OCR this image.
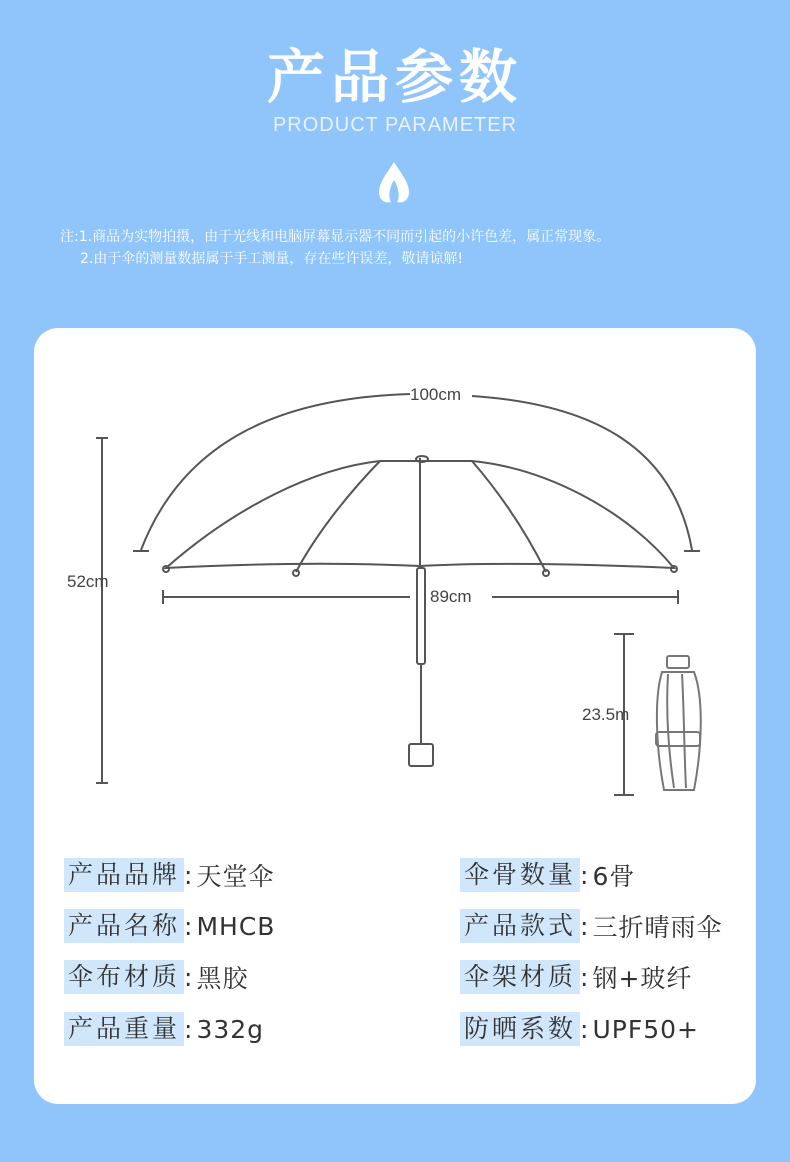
产品参数
PRODUCT PARAMETER
注:1.商品为实物拍摄，由于光线和电脑屏幕显示器不同而引起的小许色差，属正常现象。
2.由于伞的测量数据属于手工测量，存在些许误差，敬请谅解!
100cm
89cm
52cm
23.5m
产品品牌 : 天堂伞	伞骨数量 : 6骨
产品名称 : MHCB	产品款式 : 三折晴雨伞
伞布材质 : 黑胶	伞架材质 : 钢+玻纤
产品重量 : 332g	防晒系数 : UPF50+
